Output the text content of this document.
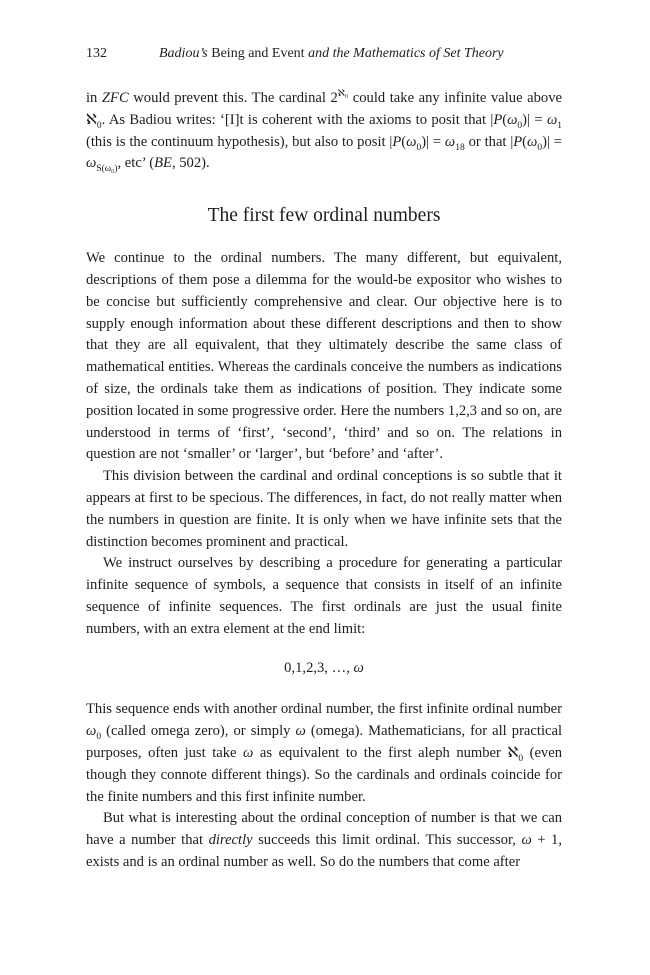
132	Badiou’s Being and Event and the Mathematics of Set Theory

in ZFC would prevent this. The cardinal $2^{ℵ_0}$ could take any infinite value above ℵ$_0$. As Badiou writes: ‘[I]t is coherent with the axioms to posit that $|P(\omega_0)| = \omega_1$ (this is the continuum hypothesis), but also to posit $|P(\omega_0)| = \omega_{18}$ or that $|P(\omega_0)| = \omega_{S(\omega_0)}$, etc’ (BE, 502).

The first few ordinal numbers

We continue to the ordinal numbers. The many different, but equivalent, descriptions of them pose a dilemma for the would-be expositor who wishes to be concise but sufficiently comprehensive and clear. Our objective here is to supply enough information about these different descriptions and then to show that they are all equivalent, that they ultimately describe the same class of mathematical entities. Whereas the cardinals conceive the numbers as indications of size, the ordinals take them as indications of position. They indicate some position located in some progressive order. Here the numbers 1,2,3 and so on, are understood in terms of ‘first’, ‘second’, ‘third’ and so on. The relations in question are not ‘smaller’ or ‘larger’, but ‘before’ and ‘after’.

This division between the cardinal and ordinal conceptions is so subtle that it appears at first to be specious. The differences, in fact, do not really matter when the numbers in question are finite. It is only when we have infinite sets that the distinction becomes prominent and practical.

We instruct ourselves by describing a procedure for generating a particular infinite sequence of symbols, a sequence that consists in itself of an infinite sequence of infinite sequences. The first ordinals are just the usual finite numbers, with an extra element at the end limit:

0,1,2,3, …, ω

This sequence ends with another ordinal number, the first infinite ordinal number $\omega_0$ (called omega zero), or simply ω (omega). Mathematicians, for all practical purposes, often just take ω as equivalent to the first aleph number ℵ$_0$ (even though they connote different things). So the cardinals and ordinals coincide for the finite numbers and this first infinite number.

But what is interesting about the ordinal conception of number is that we can have a number that directly succeeds this limit ordinal. This successor, ω + 1, exists and is an ordinal number as well. So do the numbers that come after
